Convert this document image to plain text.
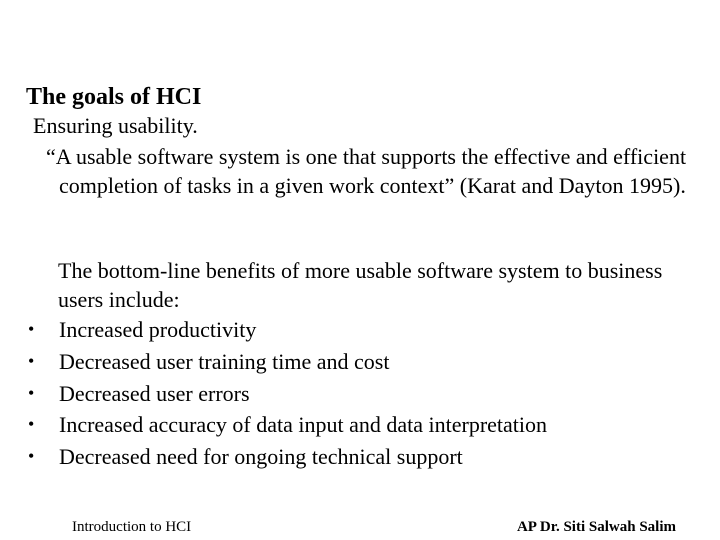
The goals of HCI
Ensuring usability.
“A usable software system is one that supports the effective and efficient completion of tasks in a given work context” (Karat and Dayton 1995).
The bottom-line benefits of more usable software system to business users include:
• Increased productivity
• Decreased user training time and cost
• Decreased user errors
• Increased accuracy of data input and data interpretation
• Decreased need for ongoing technical support
Introduction to HCI	AP Dr. Siti Salwah Salim
